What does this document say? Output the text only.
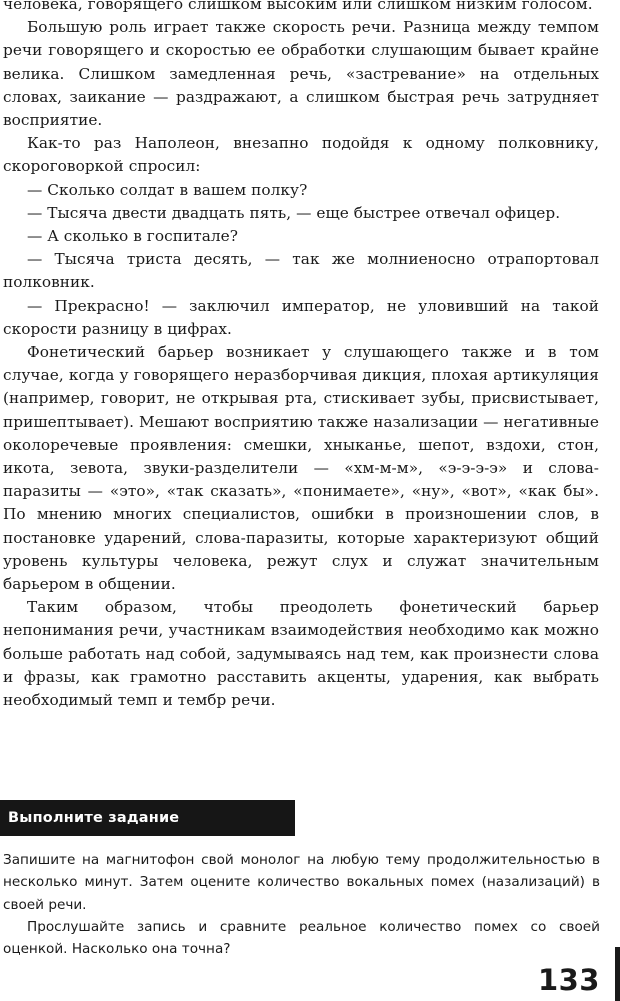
человека, говорящего слишком высоким или слишком низким голосом.

Большую роль играет также скорость речи. Разница между темпом речи говорящего и скоростью ее обработки слушающим бывает крайне велика. Слишком замедленная речь, «застревание» на отдельных словах, заикание — раздражают, а слишком быстрая речь затрудняет восприятие.

Как-то раз Наполеон, внезапно подойдя к одному полковнику, скороговоркой спросил:

— Сколько солдат в вашем полку?

— Тысяча двести двадцать пять, — еще быстрее отвечал офицер.

— А сколько в госпитале?

— Тысяча триста десять, — так же молниеносно отрапортовал полковник.

— Прекрасно! — заключил император, не уловивший на такой скорости разницу в цифрах.

Фонетический барьер возникает у слушающего также и в том случае, когда у говорящего неразборчивая дикция, плохая артикуляция (например, говорит, не открывая рта, стискивает зубы, присвистывает, пришептывает). Мешают восприятию также назализации — негативные околоречевые проявления: смешки, хныканье, шепот, вздохи, стон, икота, зевота, звуки-разделители — «хм-м-м», «э-э-э-э» и слова-паразиты — «это», «так сказать», «понимаете», «ну», «вот», «как бы». По мнению многих специалистов, ошибки в произношении слов, в постановке ударений, слова-паразиты, которые характеризуют общий уровень культуры человека, режут слух и служат значительным барьером в общении.

Таким образом, чтобы преодолеть фонетический барьер непонимания речи, участникам взаимодействия необходимо как можно больше работать над собой, задумываясь над тем, как произнести слова и фразы, как грамотно расставить акценты, ударения, как выбрать необходимый темп и тембр речи.

Выполните задание

Запишите на магнитофон свой монолог на любую тему продолжительностью в несколько минут. Затем оцените количество вокальных помех (назализаций) в своей речи.

Прослушайте запись и сравните реальное количество помех со своей оценкой. Насколько она точна?

133
